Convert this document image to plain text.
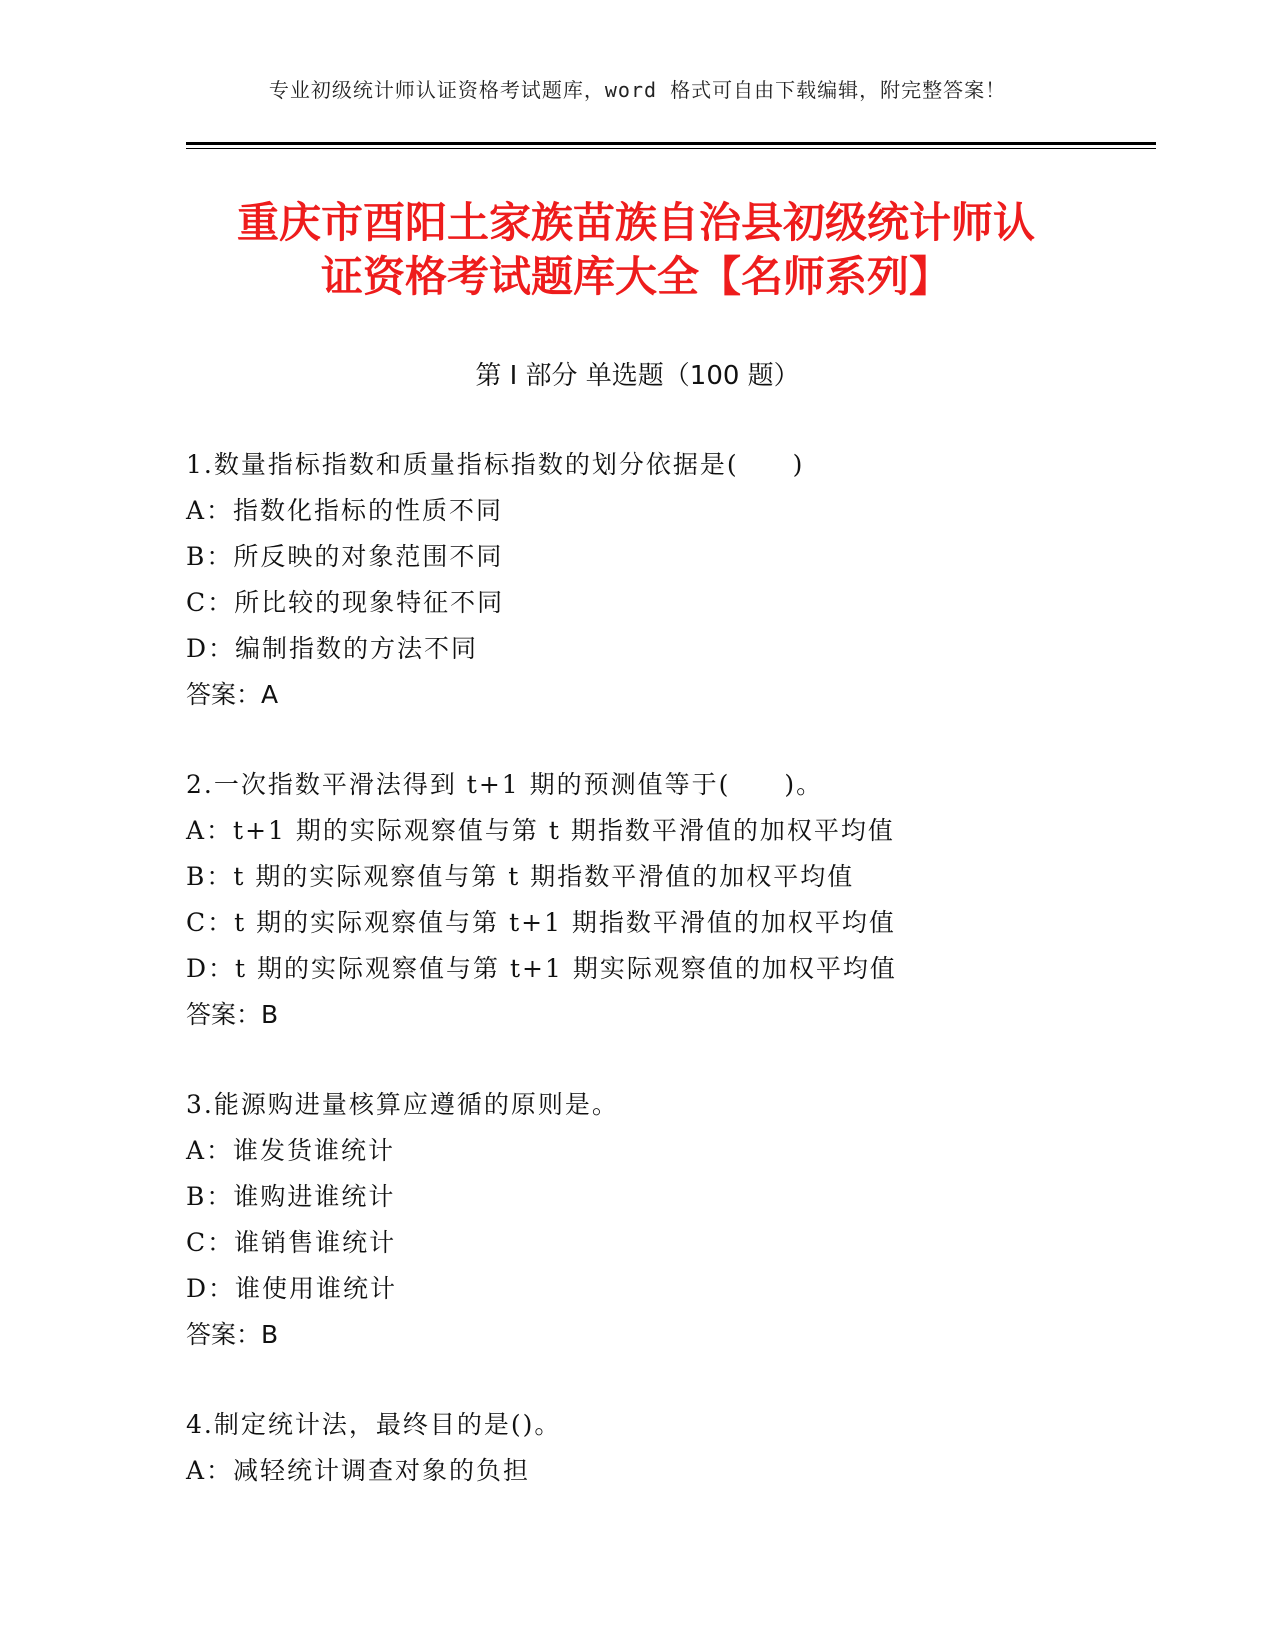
专业初级统计师认证资格考试题库，word 格式可自由下载编辑，附完整答案！
重庆市酉阳土家族苗族自治县初级统计师认
证资格考试题库大全【名师系列】
第 I 部分 单选题（100 题）
1.数量指标指数和质量指标指数的划分依据是(　　)
A：指数化指标的性质不同
B：所反映的对象范围不同
C：所比较的现象特征不同
D：编制指数的方法不同
答案：A
2.一次指数平滑法得到 t+1 期的预测值等于(　　)。
A：t+1 期的实际观察值与第 t 期指数平滑值的加权平均值
B：t 期的实际观察值与第 t 期指数平滑值的加权平均值
C：t 期的实际观察值与第 t+1 期指数平滑值的加权平均值
D：t 期的实际观察值与第 t+1 期实际观察值的加权平均值
答案：B
3.能源购进量核算应遵循的原则是。
A：谁发货谁统计
B：谁购进谁统计
C：谁销售谁统计
D：谁使用谁统计
答案：B
4.制定统计法，最终目的是()。
A：减轻统计调查对象的负担
